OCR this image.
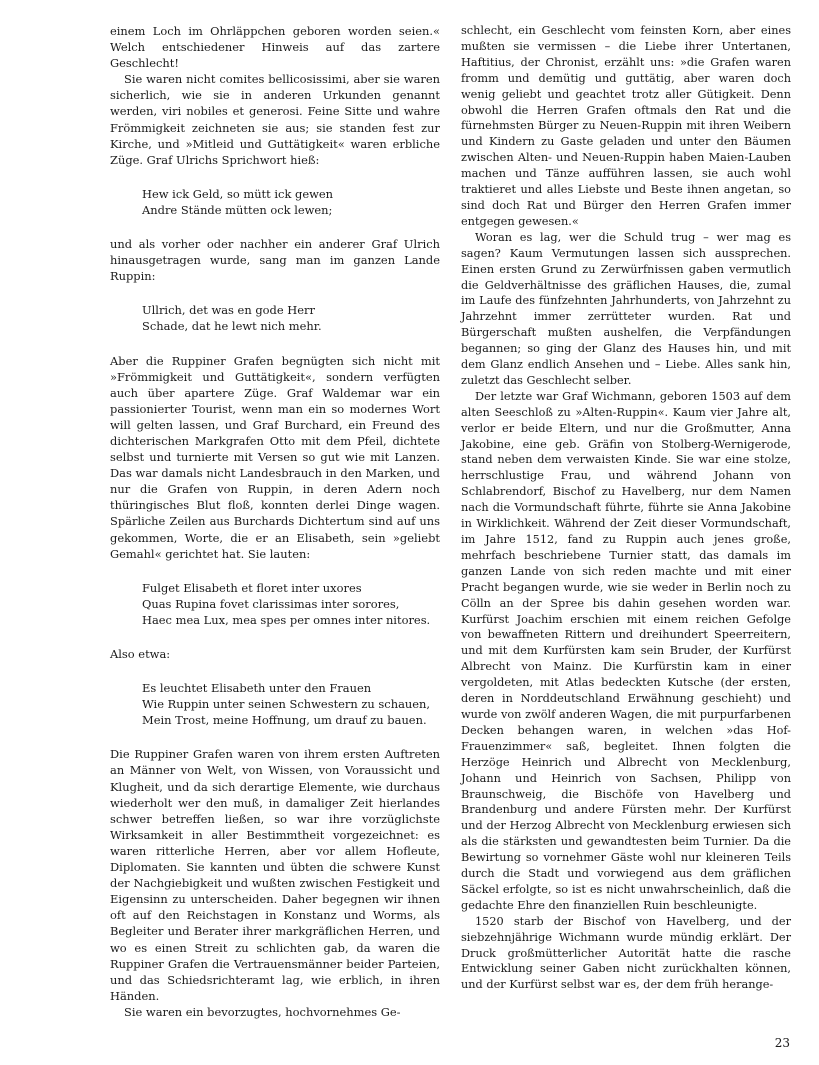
einem Loch im Ohrläppchen geboren worden seien.« Welch entschiedener Hinweis auf das zartere Geschlecht!

Sie waren nicht comites bellicosissimi, aber sie waren sicherlich, wie sie in anderen Urkunden genannt werden, viri nobiles et generosi. Feine Sitte und wahre Frömmigkeit zeichneten sie aus; sie standen fest zur Kirche, und »Mitleid und Guttätigkeit« waren erbliche Züge. Graf Ulrichs Sprichwort hieß:

Hew ick Geld, so mütt ick gewen
Andre Stände mütten ock lewen;

und als vorher oder nachher ein anderer Graf Ulrich hinausgetragen wurde, sang man im ganzen Lande Ruppin:

Ullrich, det was en gode Herr
Schade, dat he lewt nich mehr.

Aber die Ruppiner Grafen begnügten sich nicht mit »Frömmigkeit und Guttätigkeit«, sondern verfügten auch über apartere Züge. Graf Waldemar war ein passionierter Tourist, wenn man ein so modernes Wort will gelten lassen, und Graf Burchard, ein Freund des dichterischen Markgrafen Otto mit dem Pfeil, dichtete selbst und turnierte mit Versen so gut wie mit Lanzen. Das war damals nicht Landesbrauch in den Marken, und nur die Grafen von Ruppin, in deren Adern noch thüringisches Blut floß, konnten derlei Dinge wagen. Spärliche Zeilen aus Burchards Dichtertum sind auf uns gekommen, Worte, die er an Elisabeth, sein »geliebt Gemahl« gerichtet hat. Sie lauten:

Fulget Elisabeth et floret inter uxores
Quas Rupina fovet clarissimas inter sorores,
Haec mea Lux, mea spes per omnes inter nitores.

Also etwa:

Es leuchtet Elisabeth unter den Frauen
Wie Ruppin unter seinen Schwestern zu schauen,
Mein Trost, meine Hoffnung, um drauf zu bauen.

Die Ruppiner Grafen waren von ihrem ersten Auftreten an Männer von Welt, von Wissen, von Voraussicht und Klugheit, und da sich derartige Elemente, wie durchaus wiederholt wer den muß, in damaliger Zeit hierlandes schwer betreffen ließen, so war ihre vorzüglichste Wirksamkeit in aller Bestimmtheit vorgezeichnet: es waren ritterliche Herren, aber vor allem Hofleute, Diplomaten. Sie kannten und übten die schwere Kunst der Nachgiebigkeit und wußten zwischen Festigkeit und Eigensinn zu unterscheiden. Daher begegnen wir ihnen oft auf den Reichstagen in Konstanz und Worms, als Begleiter und Berater ihrer markgräflichen Herren, und wo es einen Streit zu schlichten gab, da waren die Ruppiner Grafen die Vertrauensmänner beider Parteien, und das Schiedsrichteramt lag, wie erblich, in ihren Händen.

Sie waren ein bevorzugtes, hochvornehmes Ge-

schlecht, ein Geschlecht vom feinsten Korn, aber eines mußten sie vermissen – die Liebe ihrer Untertanen, Haftitius, der Chronist, erzählt uns: »die Grafen waren fromm und demütig und guttätig, aber waren doch wenig geliebt und geachtet trotz aller Gütigkeit. Denn obwohl die Herren Grafen oftmals den Rat und die fürnehmsten Bürger zu Neuen-Ruppin mit ihren Weibern und Kindern zu Gaste geladen und unter den Bäumen zwischen Alten- und Neuen-Ruppin haben Maien-Lauben machen und Tänze aufführen lassen, sie auch wohl traktieret und alles Liebste und Beste ihnen angetan, so sind doch Rat und Bürger den Herren Grafen immer entgegen gewesen.«

Woran es lag, wer die Schuld trug – wer mag es sagen? Kaum Vermutungen lassen sich aussprechen. Einen ersten Grund zu Zerwürfnissen gaben vermutlich die Geldverhältnisse des gräflichen Hauses, die, zumal im Laufe des fünfzehnten Jahrhunderts, von Jahrzehnt zu Jahrzehnt immer zerrütteter wurden. Rat und Bürgerschaft mußten aushelfen, die Verpfändungen begannen; so ging der Glanz des Hauses hin, und mit dem Glanz endlich Ansehen und – Liebe. Alles sank hin, zuletzt das Geschlecht selber.

Der letzte war Graf Wichmann, geboren 1503 auf dem alten Seeschloß zu »Alten-Ruppin«. Kaum vier Jahre alt, verlor er beide Eltern, und nur die Großmutter, Anna Jakobine, eine geb. Gräfin von Stolberg-Wernigerode, stand neben dem verwaisten Kinde. Sie war eine stolze, herrschlustige Frau, und während Johann von Schlabrendorf, Bischof zu Havelberg, nur dem Namen nach die Vormundschaft führte, führte sie Anna Jakobine in Wirklichkeit. Während der Zeit dieser Vormundschaft, im Jahre 1512, fand zu Ruppin auch jenes große, mehrfach beschriebene Turnier statt, das damals im ganzen Lande von sich reden machte und mit einer Pracht begangen wurde, wie sie weder in Berlin noch zu Cölln an der Spree bis dahin gesehen worden war. Kurfürst Joachim erschien mit einem reichen Gefolge von bewaffneten Rittern und dreihundert Speerreitern, und mit dem Kurfürsten kam sein Bruder, der Kurfürst Albrecht von Mainz. Die Kurfürstin kam in einer vergoldeten, mit Atlas bedeckten Kutsche (der ersten, deren in Norddeutschland Erwähnung geschieht) und wurde von zwölf anderen Wagen, die mit purpurfarbenen Decken behangen waren, in welchen »das Hof-Frauenzimmer« saß, begleitet. Ihnen folgten die Herzöge Heinrich und Albrecht von Mecklenburg, Johann und Heinrich von Sachsen, Philipp von Braunschweig, die Bischöfe von Havelberg und Brandenburg und andere Fürsten mehr. Der Kurfürst und der Herzog Albrecht von Mecklenburg erwiesen sich als die stärksten und gewandtesten beim Turnier. Da die Bewirtung so vornehmer Gäste wohl nur kleineren Teils durch die Stadt und vorwiegend aus dem gräflichen Säckel erfolgte, so ist es nicht unwahrscheinlich, daß die gedachte Ehre den finanziellen Ruin beschleunigte.

1520 starb der Bischof von Havelberg, und der siebzehnjährige Wichmann wurde mündig erklärt. Der Druck großmütterlicher Autorität hatte die rasche Entwicklung seiner Gaben nicht zurückhalten können, und der Kurfürst selbst war es, der dem früh herange-

23
